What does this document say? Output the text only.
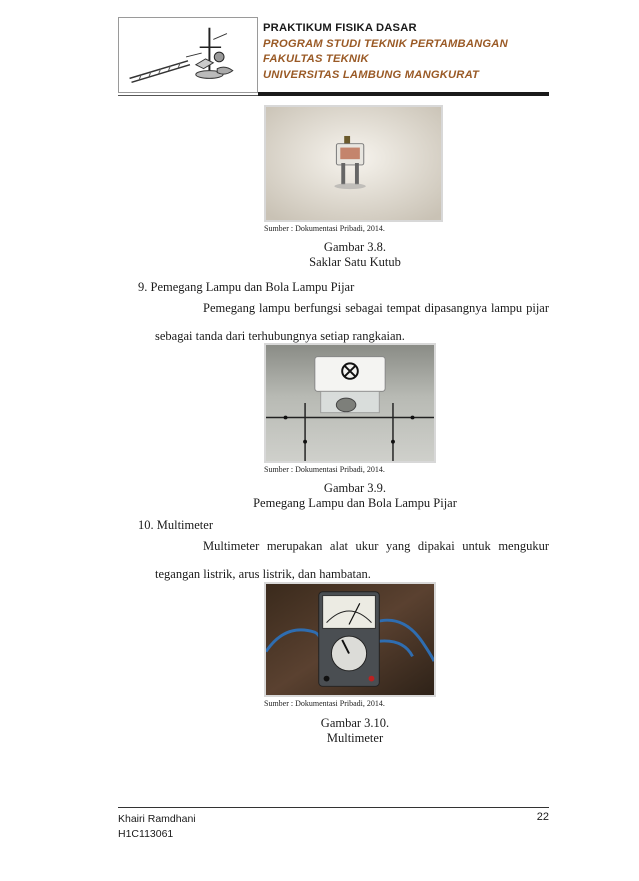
PRAKTIKUM FISIKA DASAR
PROGRAM STUDI TEKNIK PERTAMBANGAN
FAKULTAS TEKNIK
UNIVERSITAS LAMBUNG MANGKURAT
Sumber : Dokumentasi Pribadi, 2014.
Gambar 3.8.
Saklar Satu Kutub
9. Pemegang Lampu dan Bola Lampu Pijar
Pemegang lampu berfungsi sebagai tempat dipasangnya lampu pijar
sebagai tanda dari terhubungnya setiap rangkaian.
Sumber : Dokumentasi Pribadi, 2014.
Gambar 3.9.
Pemegang Lampu dan Bola Lampu Pijar
10. Multimeter
Multimeter merupakan alat ukur yang dipakai untuk mengukur
tegangan listrik, arus listrik, dan hambatan.
Sumber : Dokumentasi Pribadi, 2014.
Gambar 3.10.
Multimeter
Khairi Ramdhani
H1C113061
22
